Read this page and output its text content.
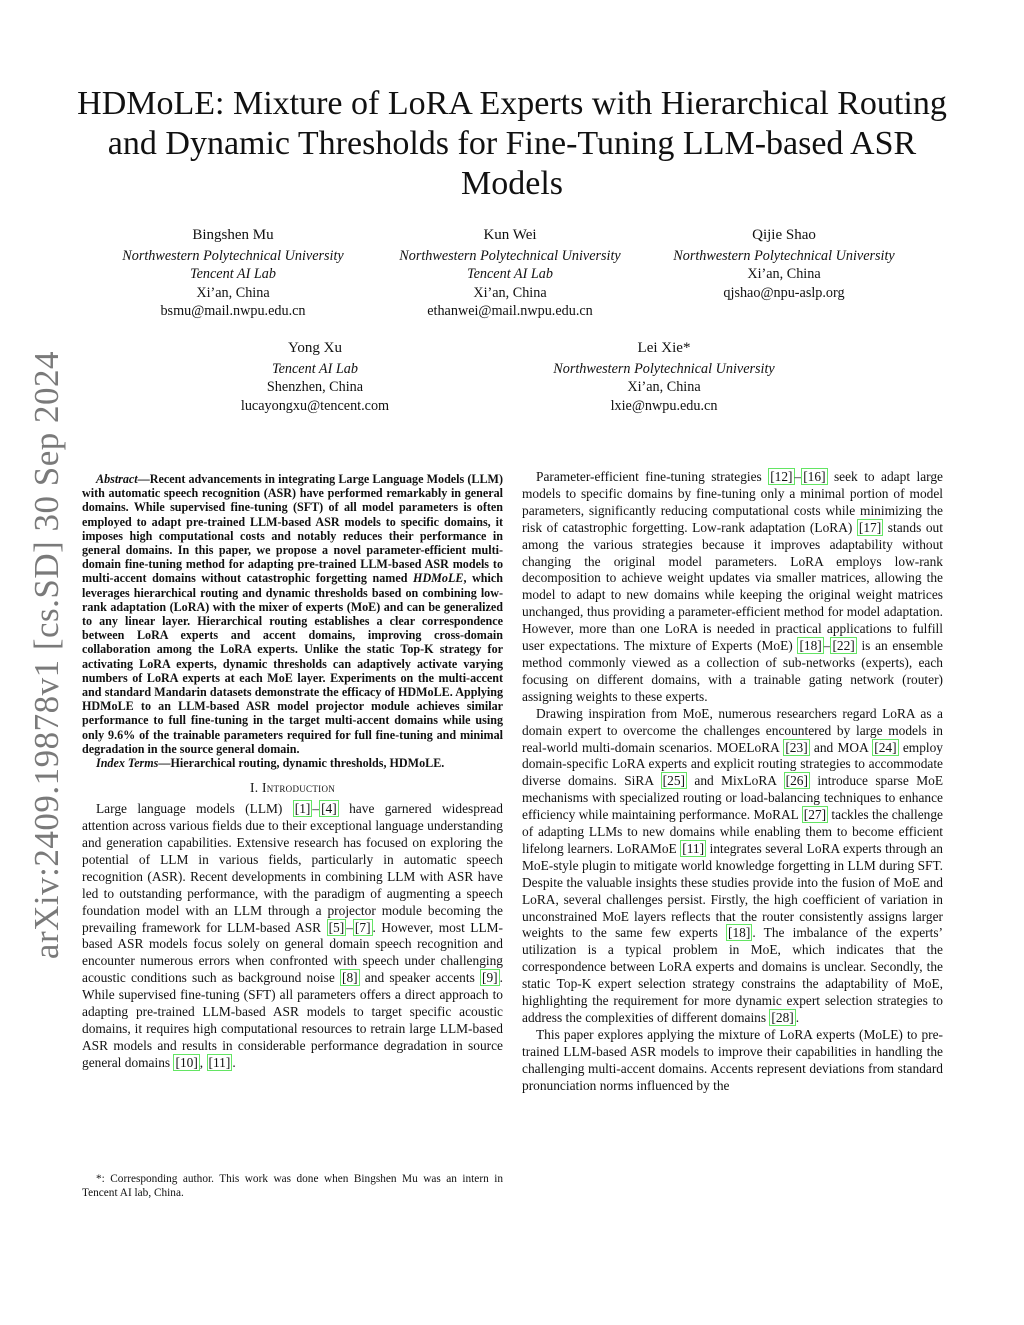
arXiv:2409.19878v1 [cs.SD] 30 Sep 2024
HDMoLE: Mixture of LoRA Experts with Hierarchical Routing and Dynamic Thresholds for Fine-Tuning LLM-based ASR Models
Bingshen Mu
Northwestern Polytechnical University
Tencent AI Lab
Xi’an, China
bsmu@mail.nwpu.edu.cn
Kun Wei
Northwestern Polytechnical University
Tencent AI Lab
Xi’an, China
ethanwei@mail.nwpu.edu.cn
Qijie Shao
Northwestern Polytechnical University
Xi’an, China
qjshao@npu-aslp.org
Yong Xu
Tencent AI Lab
Shenzhen, China
lucayongxu@tencent.com
Lei Xie*
Northwestern Polytechnical University
Xi’an, China
lxie@nwpu.edu.cn

Abstract—Recent advancements in integrating Large Language Models (LLM) with automatic speech recognition (ASR) have performed remarkably in general domains. While supervised fine-tuning (SFT) of all model parameters is often employed to adapt pre-trained LLM-based ASR models to specific domains, it imposes high computational costs and notably reduces their performance in general domains. In this paper, we propose a novel parameter-efficient multi-domain fine-tuning method for adapting pre-trained LLM-based ASR models to multi-accent domains without catastrophic forgetting named HDMoLE, which leverages hierarchical routing and dynamic thresholds based on combining low-rank adaptation (LoRA) with the mixer of experts (MoE) and can be generalized to any linear layer. Hierarchical routing establishes a clear correspondence between LoRA experts and accent domains, improving cross-domain collaboration among the LoRA experts. Unlike the static Top-K strategy for activating LoRA experts, dynamic thresholds can adaptively activate varying numbers of LoRA experts at each MoE layer. Experiments on the multi-accent and standard Mandarin datasets demonstrate the efficacy of HDMoLE. Applying HDMoLE to an LLM-based ASR model projector module achieves similar performance to full fine-tuning in the target multi-accent domains while using only 9.6% of the trainable parameters required for full fine-tuning and minimal degradation in the source general domain.

Index Terms—Hierarchical routing, dynamic thresholds, HDMoLE.

I. Introduction

Large language models (LLM) [1] – [4] have garnered widespread attention across various fields due to their exceptional language understanding and generation capabilities. Extensive research has focused on exploring the potential of LLM in various fields, particularly in automatic speech recognition (ASR). Recent developments in combining LLM with ASR have led to outstanding performance, with the paradigm of augmenting a speech foundation model with an LLM through a projector module becoming the prevailing framework for LLM-based ASR [5] – [7] . However, most LLM-based ASR models focus solely on general domain speech recognition and encounter numerous errors when confronted with speech under challenging acoustic conditions such as background noise [8] and speaker accents [9] . While supervised fine-tuning (SFT) all parameters offers a direct approach to adapting pre-trained LLM-based ASR models to target specific acoustic domains, it requires high computational resources to retrain large LLM-based ASR models and results in considerable performance degradation in source general domains [10] , [11] .

*: Corresponding author. This work was done when Bingshen Mu was an intern in Tencent AI lab, China.

Parameter-efficient fine-tuning strategies [12] – [16] seek to adapt large models to specific domains by fine-tuning only a minimal portion of model parameters, significantly reducing computational costs while minimizing the risk of catastrophic forgetting. Low-rank adaptation (LoRA) [17] stands out among the various strategies because it improves adaptability without changing the original model parameters. LoRA employs low-rank decomposition to achieve weight updates via smaller matrices, allowing the model to adapt to new domains while keeping the original weight matrices unchanged, thus providing a parameter-efficient method for model adaptation. However, more than one LoRA is needed in practical applications to fulfill user expectations. The mixture of Experts (MoE) [18] – [22] is an ensemble method commonly viewed as a collection of sub-networks (experts), each focusing on different domains, with a trainable gating network (router) assigning weights to these experts.

Drawing inspiration from MoE, numerous researchers regard LoRA as a domain expert to overcome the challenges encountered by large models in real-world multi-domain scenarios. MOELoRA [23] and MOA [24] employ domain-specific LoRA experts and explicit routing strategies to accommodate diverse domains. SiRA [25] and MixLoRA [26] introduce sparse MoE mechanisms with specialized routing or load-balancing techniques to enhance efficiency while maintaining performance. MoRAL [27] tackles the challenge of adapting LLMs to new domains while enabling them to become efficient lifelong learners. LoRAMoE [11] integrates several LoRA experts through an MoE-style plugin to mitigate world knowledge forgetting in LLM during SFT. Despite the valuable insights these studies provide into the fusion of MoE and LoRA, several challenges persist. Firstly, the high coefficient of variation in unconstrained MoE layers reflects that the router consistently assigns larger weights to the same few experts [18] . The imbalance of the experts’ utilization is a typical problem in MoE, which indicates that the correspondence between LoRA experts and domains is unclear. Secondly, the static Top-K expert selection strategy constrains the adaptability of MoE, highlighting the requirement for more dynamic expert selection strategies to address the complexities of different domains [28] .

This paper explores applying the mixture of LoRA experts (MoLE) to pre-trained LLM-based ASR models to improve their capabilities in handling the challenging multi-accent domains. Accents represent deviations from standard pronunciation norms influenced by the
